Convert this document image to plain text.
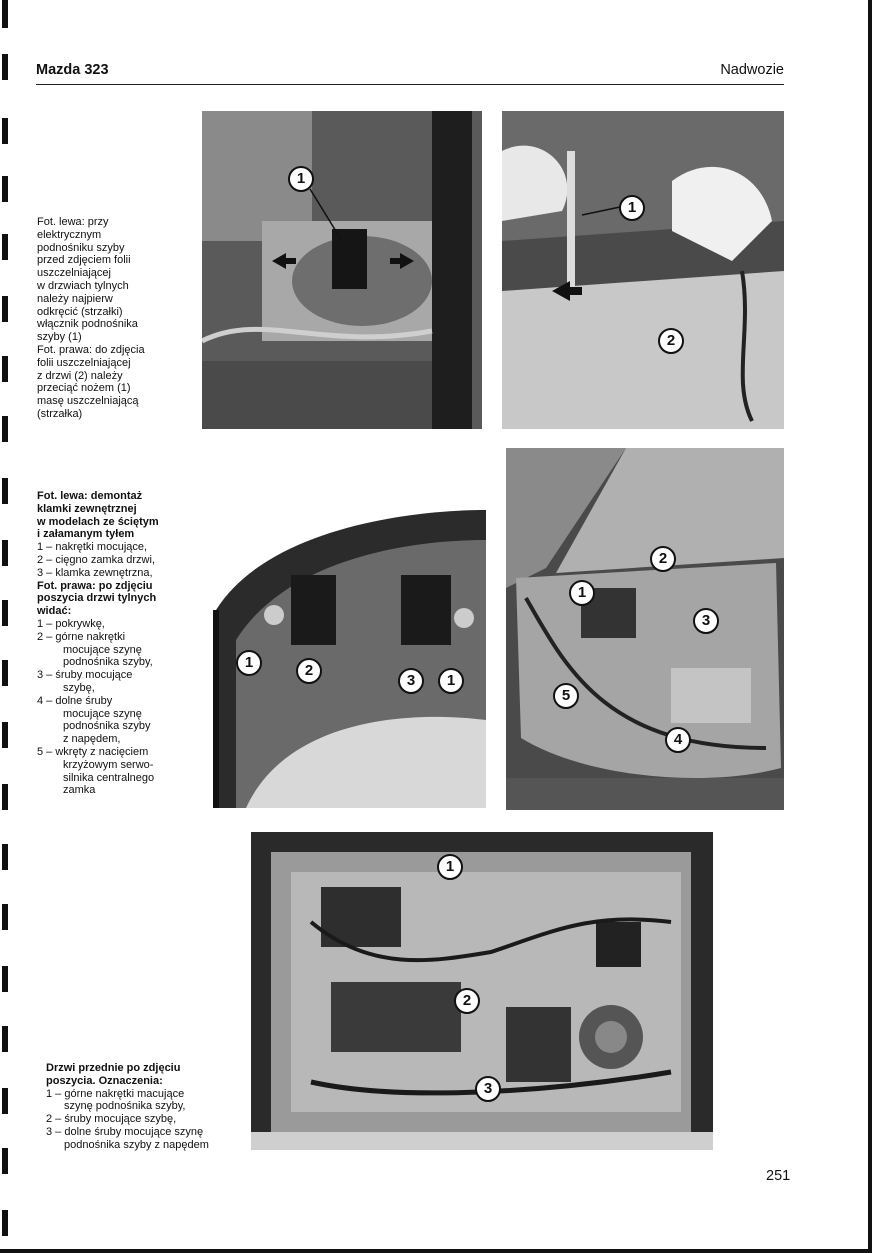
Mazda 323	Nadwozie
Fot. lewa: przy
elektrycznym
podnośniku szyby
przed zdjęciem folii
uszczelniającej
w drzwiach tylnych
należy najpierw
odkręcić (strzałki)
włącznik podnośnika
szyby (1)
Fot. prawa: do zdjęcia
folii uszczelniającej
z drzwi (2) należy
przeciąć nożem (1)
masę uszczelniającą
(strzałka)
Fot. lewa: demontaż
klamki zewnętrznej
w modelach ze ściętym
i załamanym tyłem
1 – nakrętki mocujące,
2 – cięgno zamka drzwi,
3 – klamka zewnętrzna,
Fot. prawa: po zdjęciu
poszycia drzwi tylnych
widać:
1 – pokrywkę,
2 – górne nakrętki
mocujące szynę
podnośnika szyby,
3 – śruby mocujące
szybę,
4 – dolne śruby
mocujące szynę
podnośnika szyby
z napędem,
5 – wkręty z nacięciem
krzyżowym serwo-
silnika centralnego
zamka
Drzwi przednie po zdjęciu
poszycia. Oznaczenia:
1 – górne nakrętki macujące
szynę podnośnika szyby,
2 – śruby mocujące szybę,
3 – dolne śruby mocujące szynę
podnośnika szyby z napędem
1
1
2
1	2
3	1
2
1
3
5
4
1
2
3
251
